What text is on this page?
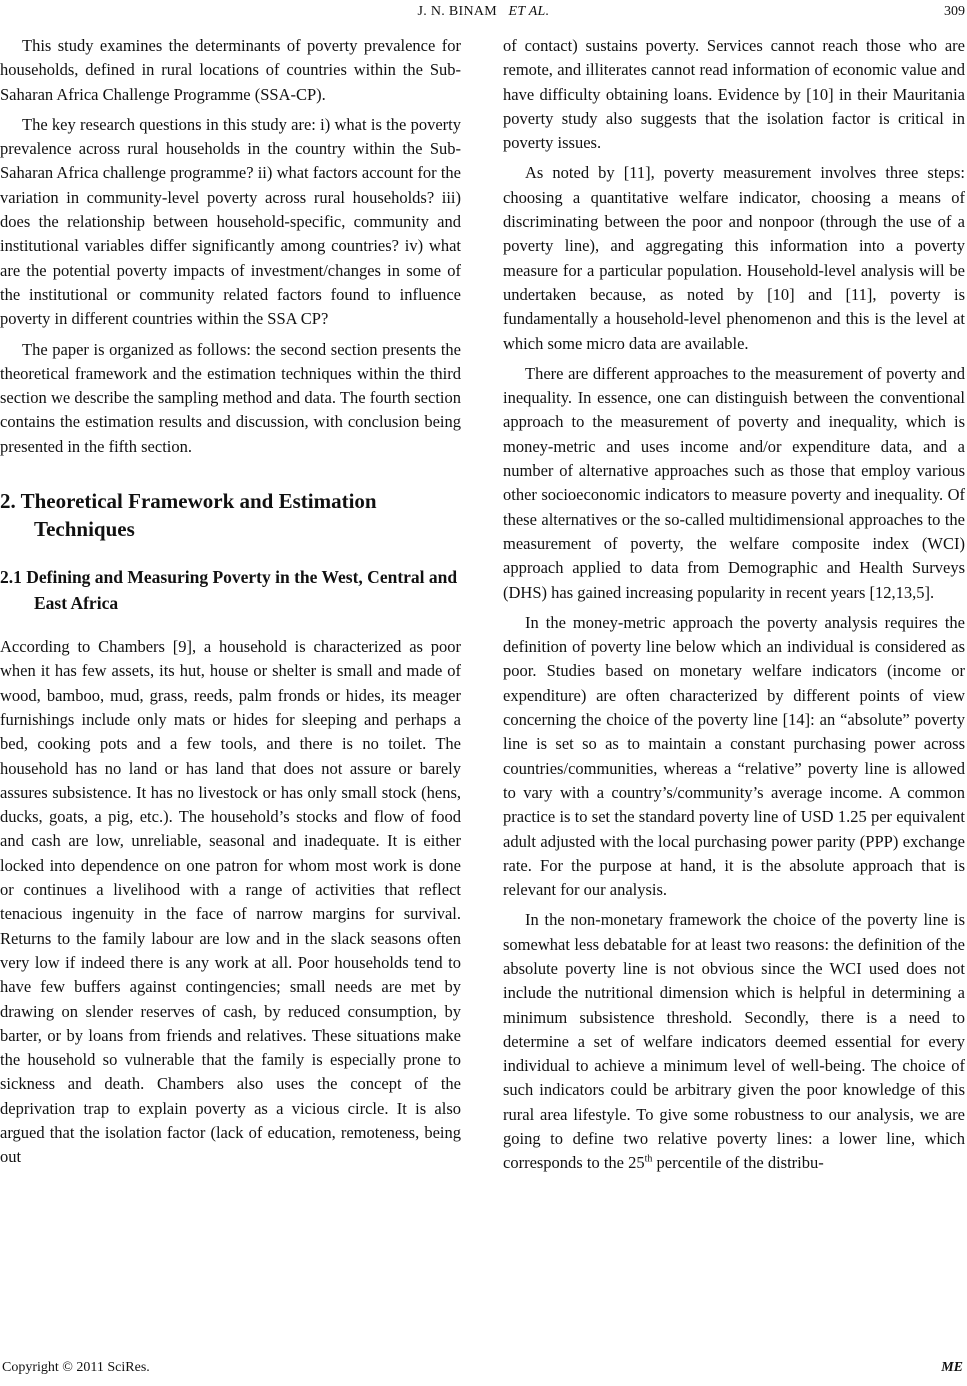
J. N. BINAM ET AL.	309

This study examines the determinants of poverty prevalence for households, defined in rural locations of countries within the Sub-Saharan Africa Challenge Programme (SSA-CP).

The key research questions in this study are: i) what is the poverty prevalence across rural households in the country within the Sub-Saharan Africa challenge programme? ii) what factors account for the variation in community-level poverty across rural households? iii) does the relationship between household-specific, community and institutional variables differ significantly among countries? iv) what are the potential poverty impacts of investment/changes in some of the institutional or community related factors found to influence poverty in different countries within the SSA CP?

The paper is organized as follows: the second section presents the theoretical framework and the estimation techniques within the third section we describe the sampling method and data. The fourth section contains the estimation results and discussion, with conclusion being presented in the fifth section.

2. Theoretical Framework and Estimation Techniques
2.1 Defining and Measuring Poverty in the West, Central and East Africa

According to Chambers [9], a household is characterized as poor when it has few assets, its hut, house or shelter is small and made of wood, bamboo, mud, grass, reeds, palm fronds or hides, its meager furnishings include only mats or hides for sleeping and perhaps a bed, cooking pots and a few tools, and there is no toilet. The household has no land or has land that does not assure or barely assures subsistence. It has no livestock or has only small stock (hens, ducks, goats, a pig, etc.). The household’s stocks and flow of food and cash are low, unreliable, seasonal and inadequate. It is either locked into dependence on one patron for whom most work is done or continues a livelihood with a range of activities that reflect tenacious ingenuity in the face of narrow margins for survival. Returns to the family labour are low and in the slack seasons often very low if indeed there is any work at all. Poor households tend to have few buffers against contingencies; small needs are met by drawing on slender reserves of cash, by reduced consumption, by barter, or by loans from friends and relatives. These situations make the household so vulnerable that the family is especially prone to sickness and death. Chambers also uses the concept of the deprivation trap to explain poverty as a vicious circle. It is also argued that the isolation factor (lack of education, remoteness, being out

of contact) sustains poverty. Services cannot reach those who are remote, and illiterates cannot read information of economic value and have difficulty obtaining loans. Evidence by [10] in their Mauritania poverty study also suggests that the isolation factor is critical in poverty issues.

As noted by [11], poverty measurement involves three steps: choosing a quantitative welfare indicator, choosing a means of discriminating between the poor and nonpoor (through the use of a poverty line), and aggregating this information into a poverty measure for a particular population. Household-level analysis will be undertaken because, as noted by [10] and [11], poverty is fundamentally a household-level phenomenon and this is the level at which some micro data are available.

There are different approaches to the measurement of poverty and inequality. In essence, one can distinguish between the conventional approach to the measurement of poverty and inequality, which is money-metric and uses income and/or expenditure data, and a number of alternative approaches such as those that employ various other socioeconomic indicators to measure poverty and inequality. Of these alternatives or the so-called multidimensional approaches to the measurement of poverty, the welfare composite index (WCI) approach applied to data from Demographic and Health Surveys (DHS) has gained increasing popularity in recent years [12,13,5].

In the money-metric approach the poverty analysis requires the definition of poverty line below which an individual is considered as poor. Studies based on monetary welfare indicators (income or expenditure) are often characterized by different points of view concerning the choice of the poverty line [14]: an “absolute” poverty line is set so as to maintain a constant purchasing power across countries/communities, whereas a “relative” poverty line is allowed to vary with a country’s/community’s average income. A common practice is to set the standard poverty line of USD 1.25 per equivalent adult adjusted with the local purchasing power parity (PPP) exchange rate. For the purpose at hand, it is the absolute approach that is relevant for our analysis.

In the non-monetary framework the choice of the poverty line is somewhat less debatable for at least two reasons: the definition of the absolute poverty line is not obvious since the WCI used does not include the nutritional dimension which is helpful in determining a minimum subsistence threshold. Secondly, there is a need to determine a set of welfare indicators deemed essential for every individual to achieve a minimum level of well-being. The choice of such indicators could be arbitrary given the poor knowledge of this rural area lifestyle. To give some robustness to our analysis, we are going to define two relative poverty lines: a lower line, which corresponds to the 25th percentile of the distribu-

Copyright © 2011 SciRes.	ME
